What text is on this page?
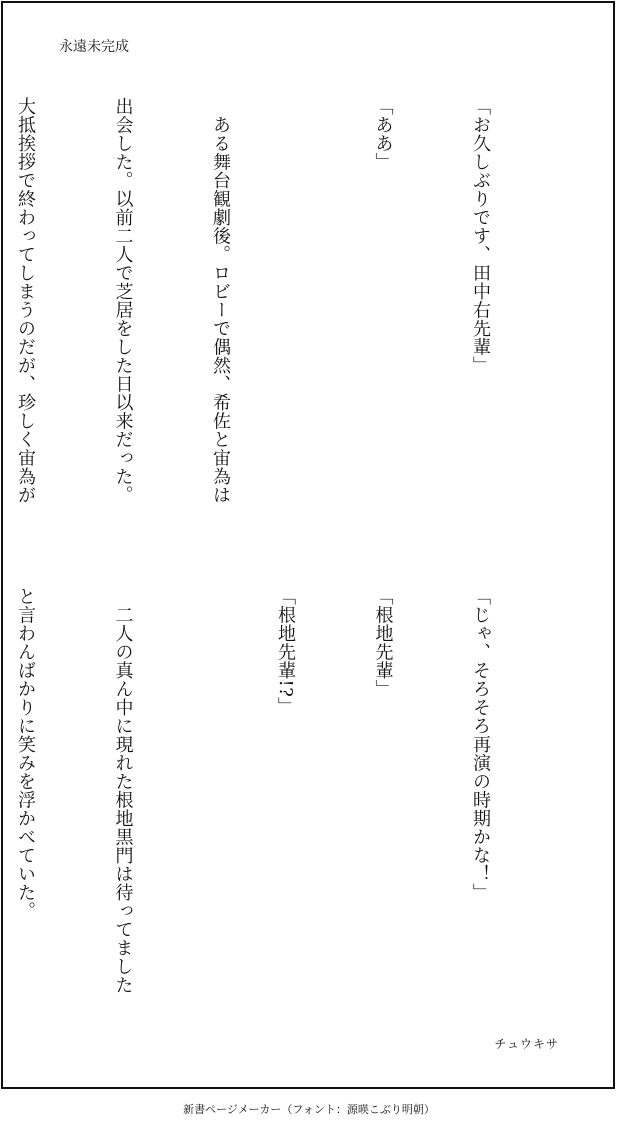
永遠未完成

「お久しぶりです、田中右先輩」

「ああ」

　ある舞台観劇後。ロビーで偶然、希佐と宙為は

出会した。以前二人で芝居をした日以来だった。

大抵挨拶で終わってしまうのだが、珍しく宙為が

「じゃ、そろそろ再演の時期かな！」

「根地先輩」

「根地先輩!?」

　二人の真ん中に現れた根地黒門は待ってました

と言わんばかりに笑みを浮かべていた。

チュウキサ
新書ページメーカー（フォント：源暎こぶり明朝）
